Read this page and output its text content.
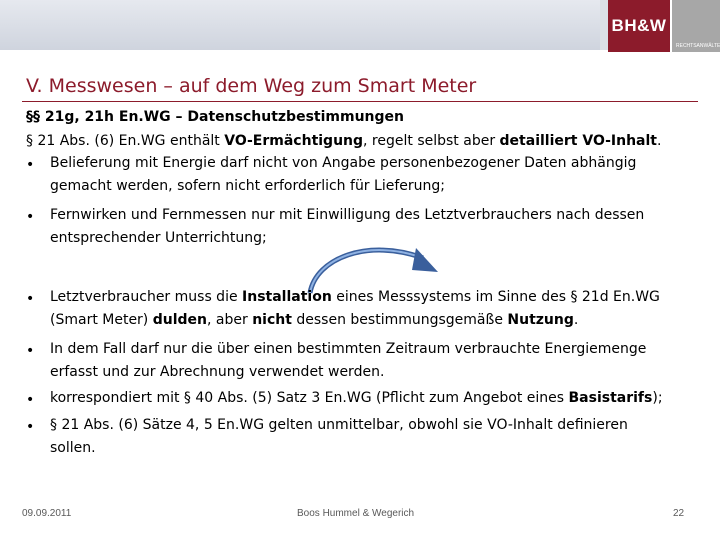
BH&W
RECHTSANWÄLTE
V. Messwesen – auf dem Weg zum Smart Meter
§§ 21g, 21h En.WG – Datenschutzbestimmungen
§ 21 Abs. (6) En.WG enthält VO-Ermächtigung, regelt selbst aber detailliert VO-Inhalt.
• Belieferung mit Energie darf nicht von Angabe personenbezogener Daten abhängig
gemacht werden, sofern nicht erforderlich für Lieferung;
• Fernwirken und Fernmessen nur mit Einwilligung des Letztverbrauchers nach dessen
entsprechender Unterrichtung;
• Letztverbraucher muss die Installation eines Messsystems im Sinne des § 21d En.WG
(Smart Meter) dulden, aber nicht dessen bestimmungsgemäße Nutzung.
• In dem Fall darf nur die über einen bestimmten Zeitraum verbrauchte Energiemenge
erfasst und zur Abrechnung verwendet werden.
• korrespondiert mit § 40 Abs. (5) Satz 3 En.WG (Pflicht zum Angebot eines Basistarifs);
• § 21 Abs. (6) Sätze 4, 5 En.WG gelten unmittelbar, obwohl sie VO-Inhalt definieren
sollen.
09.09.2011	Boos Hummel & Wegerich	22
